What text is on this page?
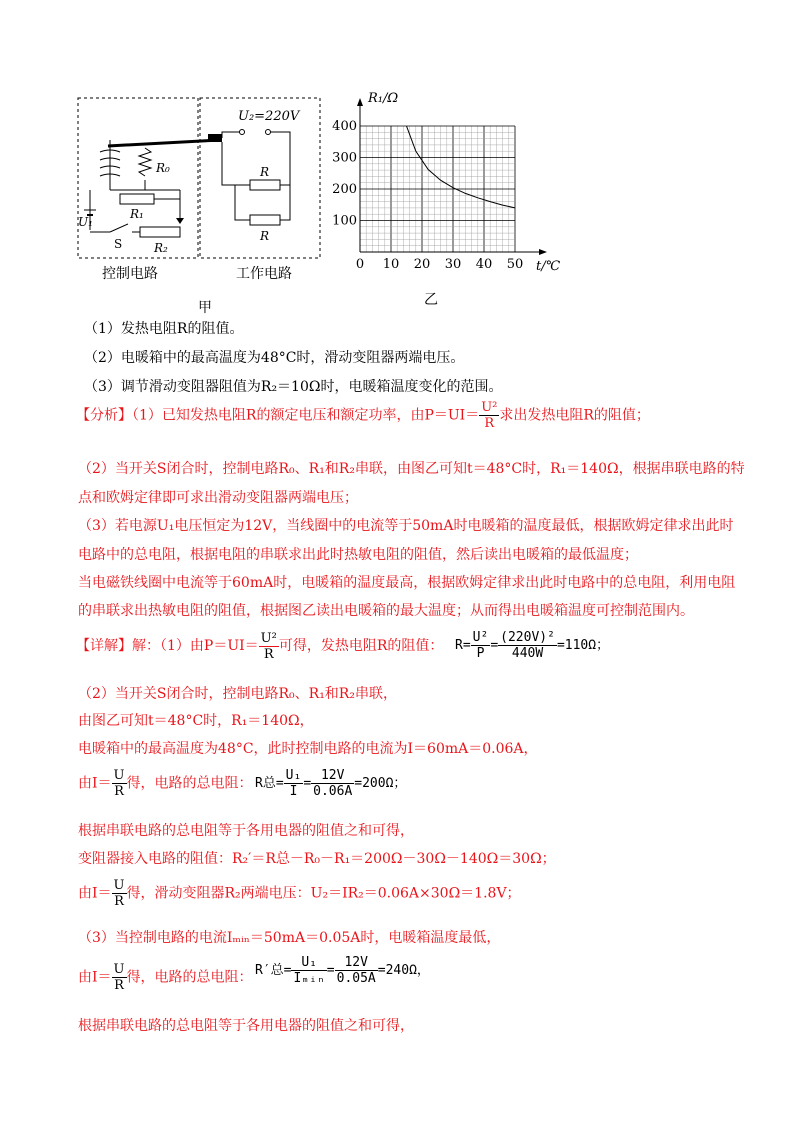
R₀
R₁
U₁
S	R₂
U₂=220V
R
R
控制电路	工作电路
甲
0 10 20 30 40 50
100
200
300
400
R₁/Ω
t/℃
乙
（1）发热电阻R的阻值。
（2）电暖箱中的最高温度为48°C时，滑动变阻器两端电压。
（3）调节滑动变阻器阻值为R₂＝10Ω时，电暖箱温度变化的范围。
【分析】（1）已知发热电阻R的额定电压和额定功率，由$P=UI= \frac{\text{U²}}{R}$ 求出发热电阻R的阻值；
（2）当开关S闭合时，控制电路R₀、R₁和R₂串联，由图乙可知t＝48°C时，R₁＝140Ω，根据串联电路的特
点和欧姆定律即可求出滑动变阻器两端电压；
（3）若电源U₁电压恒定为12V，当线圈中的电流等于50mA时电暖箱的温度最低，根据欧姆定律求出此时
电路中的总电阻，根据电阻的串联求出此时热敏电阻的阻值，然后读出电暖箱的最低温度；
当电磁铁线圈中电流等于60mA时，电暖箱的温度最高，根据欧姆定律求出此时电路中的总电阻，利用电阻
的串联求出热敏电阻的阻值，根据图乙读出电暖箱的最大温度；从而得出电暖箱温度可控制范围内。
【详解】解：（1）由$P=UI= \frac{\text{U²}}{R}$ 可得，发热电阻R的阻值： $R= \frac{\text{U²}}{P} = \frac{\text{(220V)²}}{440W} =110\Omega$；
（2）当开关S闭合时，控制电路R₀、R₁和R₂串联，
由图乙可知t＝48°C时，R₁＝140Ω，
电暖箱中的最高温度为48°C，此时控制电路的电流为I＝60mA＝0.06A，
由$I= \frac{U}{R}$ 得，电路的总电阻： R总= $\frac{\text{U₁}}{I} = \frac{12V}{0.06A} =200\Omega$；
根据串联电路的总电阻等于各用电器的阻值之和可得，
变阻器接入电路的阻值：R₂′＝R总－R₀－R₁＝200Ω－30Ω－140Ω＝30Ω；
由$I= \frac{U}{R}$ 得，滑动变阻器R₂两端电压：U₂＝IR₂＝0.06A×30Ω＝1.8V；
（3）当控制电路的电流Iₘᵢₙ＝50mA＝0.05A时，电暖箱温度最低，
由$I= \frac{U}{R}$ 得，电路的总电阻： R′总= $\frac{\text{U₁}}{\text{Iₘᵢₙ}} = \frac{12V}{0.05A} =240\Omega$，
根据串联电路的总电阻等于各用电器的阻值之和可得，
